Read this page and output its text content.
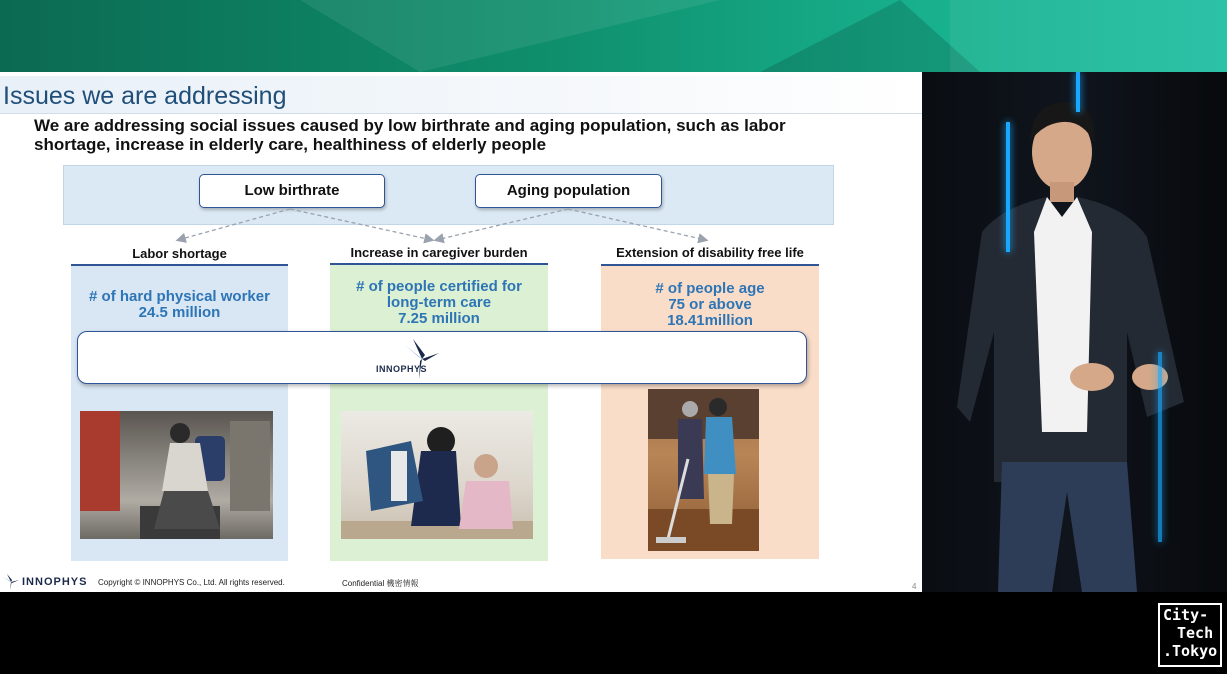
Issues we are addressing
We are addressing social issues caused by low birthrate and aging population, such as labor shortage, increase in elderly care, healthiness of elderly people
Low birthrate	Aging population
Labor shortage	Increase in caregiver burden	Extension of disability free life
# of hard physical worker
24.5 million
# of people certified for
long-term care
7.25 million
# of people age
75 or above
18.41million
INNOPHYS
INNOPHYS Copyright © INNOPHYS Co., Ltd. All rights reserved.	Confidential 機密情報	4
City-
Tech
.Tokyo
